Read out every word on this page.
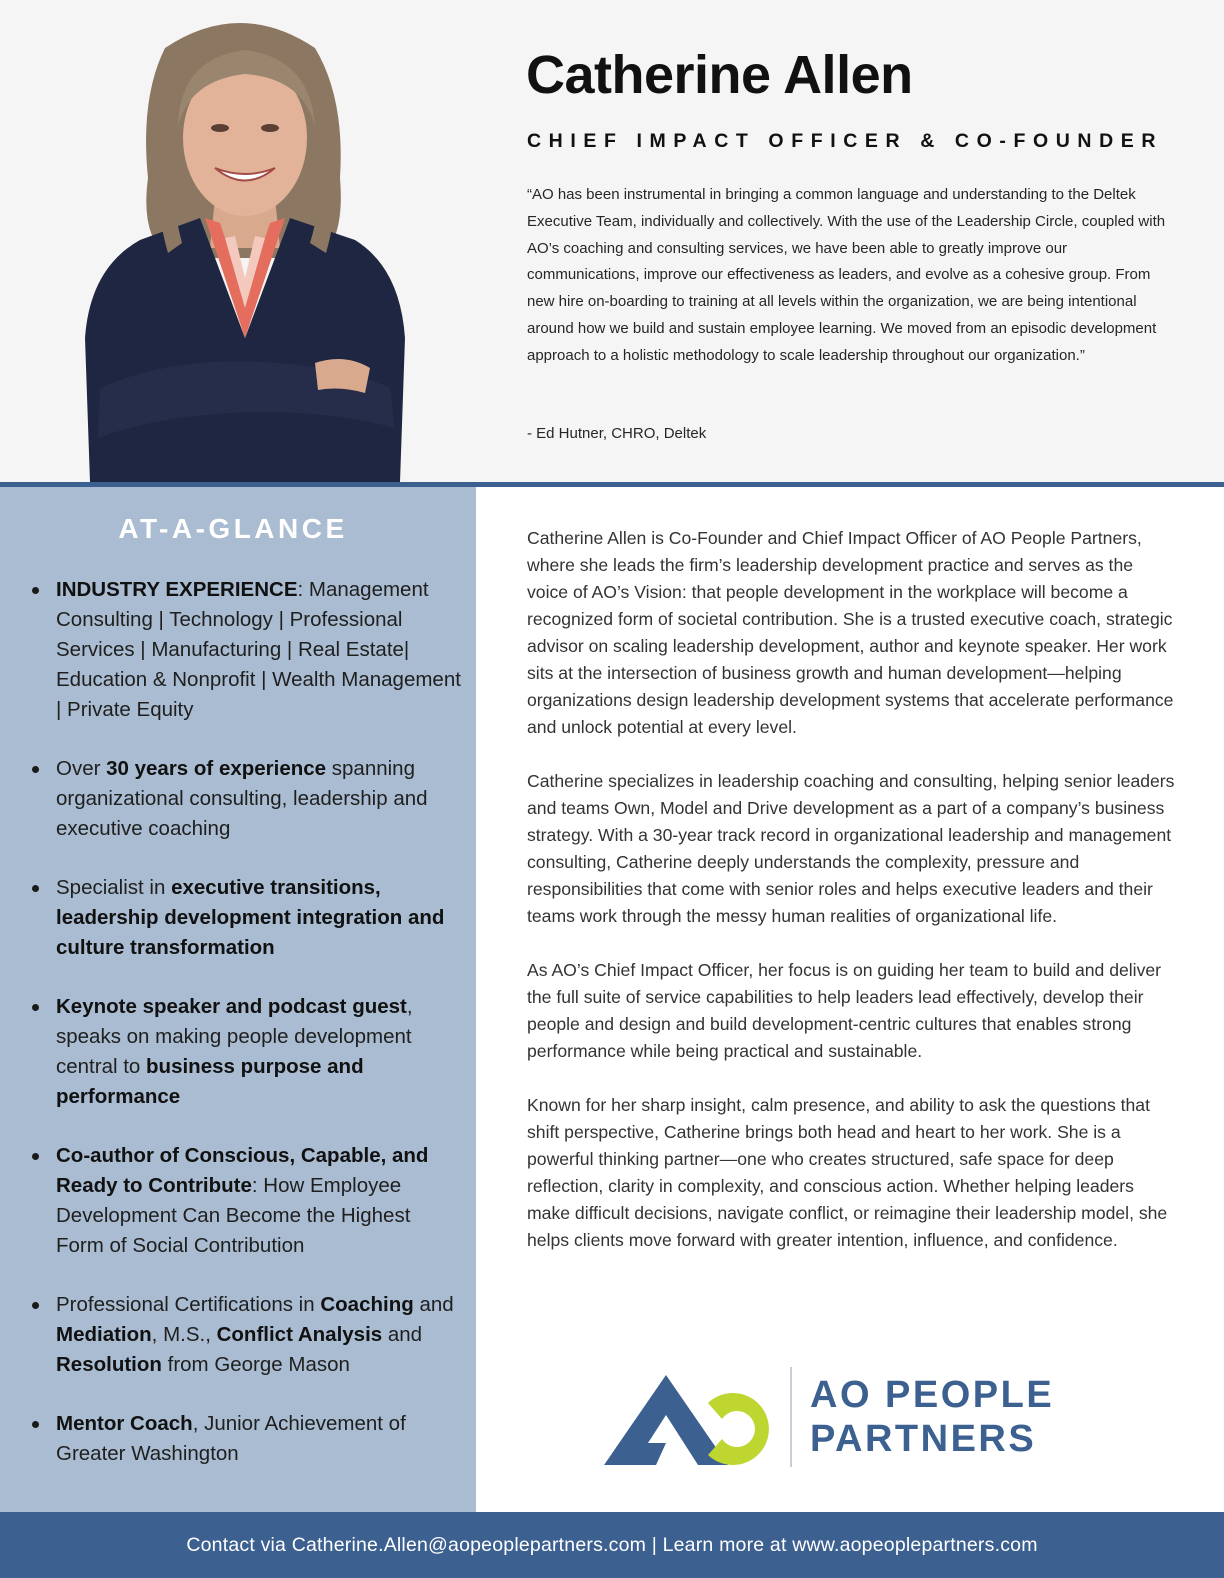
Catherine Allen
CHIEF IMPACT OFFICER & CO-FOUNDER

“AO has been instrumental in bringing a common language and understanding to the Deltek Executive Team, individually and collectively. With the use of the Leadership Circle, coupled with AO’s coaching and consulting services, we have been able to greatly improve our communications, improve our effectiveness as leaders, and evolve as a cohesive group. From new hire on-boarding to training at all levels within the organization, we are being intentional around how we build and sustain employee learning. We moved from an episodic development approach to a holistic methodology to scale leadership throughout our organization.”

- Ed Hutner, CHRO, Deltek
AT-A-GLANCE
INDUSTRY EXPERIENCE: Management Consulting | Technology | Professional Services | Manufacturing | Real Estate| Education & Nonprofit | Wealth Management | Private Equity
Over 30 years of experience spanning organizational consulting, leadership and executive coaching
Specialist in executive transitions, leadership development integration and culture transformation
Keynote speaker and podcast guest, speaks on making people development central to business purpose and performance
Co-author of Conscious, Capable, and Ready to Contribute: How Employee Development Can Become the Highest Form of Social Contribution
Professional Certifications in Coaching and Mediation, M.S., Conflict Analysis and Resolution from George Mason
Mentor Coach, Junior Achievement of Greater Washington

Catherine Allen is Co-Founder and Chief Impact Officer of AO People Partners, where she leads the firm’s leadership development practice and serves as the voice of AO’s Vision: that people development in the workplace will become a recognized form of societal contribution. She is a trusted executive coach, strategic advisor on scaling leadership development, author and keynote speaker. Her work sits at the intersection of business growth and human development—helping organizations design leadership development systems that accelerate performance and unlock potential at every level.

Catherine specializes in leadership coaching and consulting, helping senior leaders and teams Own, Model and Drive development as a part of a company’s business strategy. With a 30-year track record in organizational leadership and management consulting, Catherine deeply understands the complexity, pressure and responsibilities that come with senior roles and helps executive leaders and their teams work through the messy human realities of organizational life.

As AO’s Chief Impact Officer, her focus is on guiding her team to build and deliver the full suite of service capabilities to help leaders lead effectively, develop their people and design and build development-centric cultures that enables strong performance while being practical and sustainable.

Known for her sharp insight, calm presence, and ability to ask the questions that shift perspective, Catherine brings both head and heart to her work. She is a powerful thinking partner—one who creates structured, safe space for deep reflection, clarity in complexity, and conscious action. Whether helping leaders make difficult decisions, navigate conflict, or reimagine their leadership model, she helps clients move forward with greater intention, influence, and confidence.

AO PEOPLE
PARTNERS
Contact via Catherine.Allen@aopeoplepartners.com | Learn more at www.aopeoplepartners.com
